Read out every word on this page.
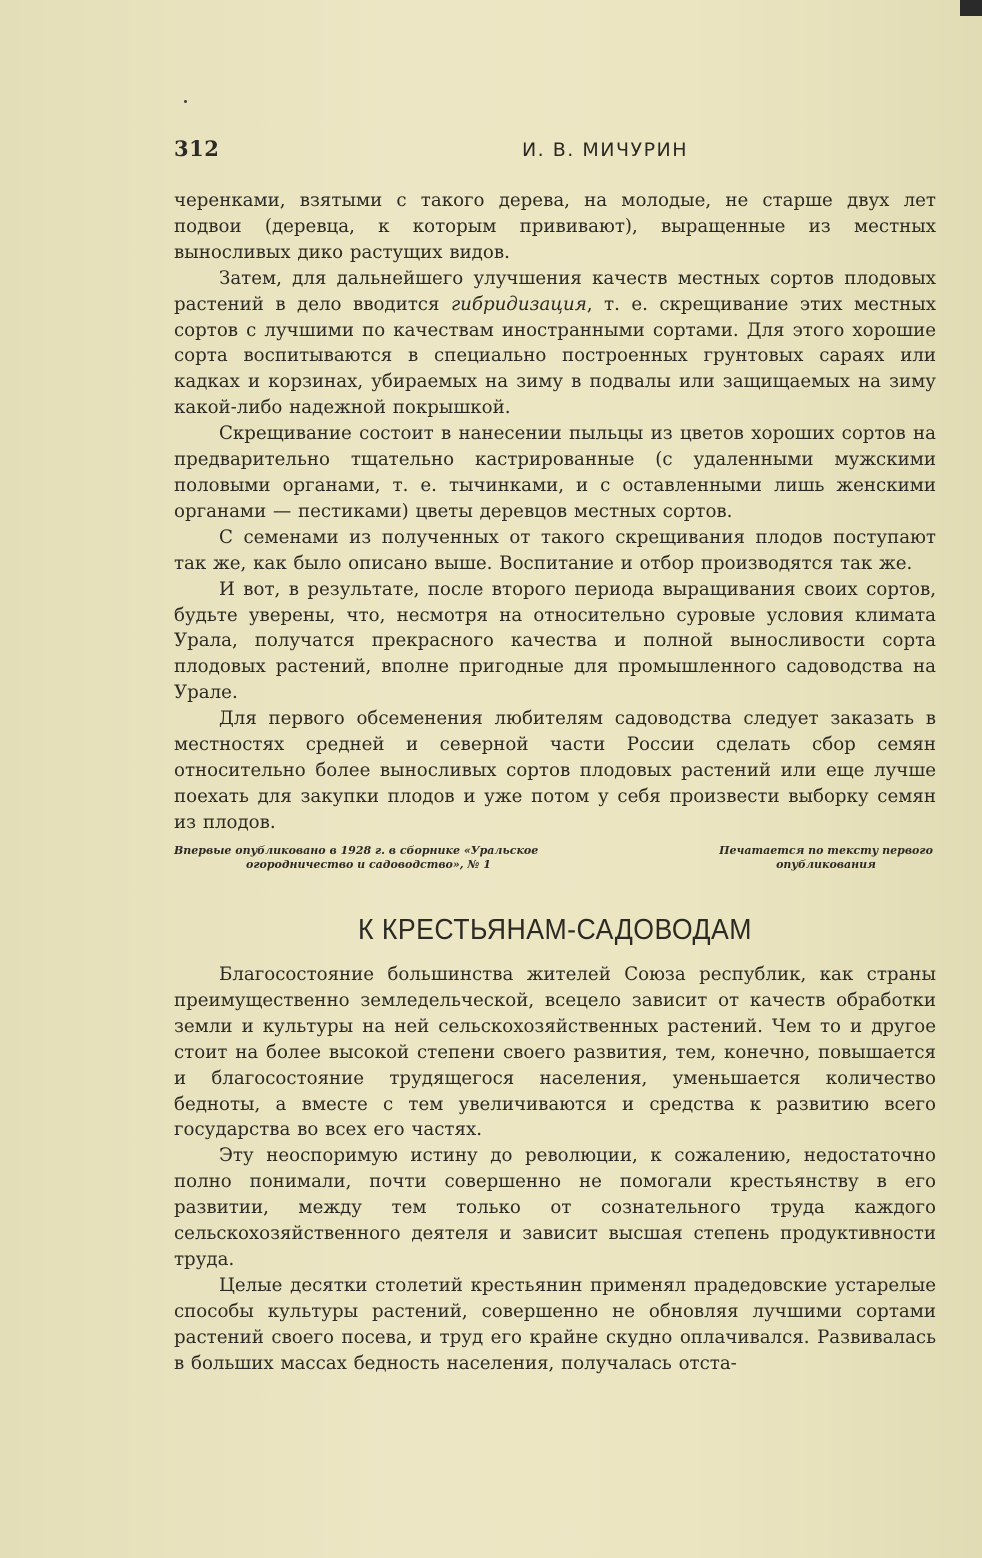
312	И. В. МИЧУРИН

черенками, взятыми с такого дерева, на молодые, не старше двух лет подвои (деревца, к которым прививают), выращенные из местных выносливых дико растущих видов.

Затем, для дальнейшего улучшения качеств местных сортов плодовых растений в дело вводится гибридизация, т. е. скрещивание этих местных сортов с лучшими по качествам иностранными сортами. Для этого хорошие сорта воспитываются в специально построенных грунтовых сараях или кадках и корзинах, убираемых на зиму в подвалы или защищаемых на зиму какой-либо надежной покрышкой.

Скрещивание состоит в нанесении пыльцы из цветов хороших сортов на предварительно тщательно кастрированные (с удаленными мужскими половыми органами, т. е. тычинками, и с оставленными лишь женскими органами — пестиками) цветы деревцов местных сортов.

С семенами из полученных от такого скрещивания плодов поступают так же, как было описано выше. Воспитание и отбор производятся так же.

И вот, в результате, после второго периода выращивания своих сортов, будьте уверены, что, несмотря на относительно суровые условия климата Урала, получатся прекрасного качества и полной выносливости сорта плодовых растений, вполне пригодные для промышленного садоводства на Урале.

Для первого обсеменения любителям садоводства следует заказать в местностях средней и северной части России сделать сбор семян относительно более выносливых сортов плодовых растений или еще лучше поехать для закупки плодов и уже потом у себя произвести выборку семян из плодов.

Впервые опубликовано в 1928 г. в сборнике «Уральское
огородничество и садоводство», № 1
Печатается по тексту первого
опубликования
К КРЕСТЬЯНАМ-САДОВОДАМ

Благосостояние большинства жителей Союза республик, как страны преимущественно земледельческой, всецело зависит от качеств обработки земли и культуры на ней сельскохозяйственных растений. Чем то и другое стоит на более высокой степени своего развития, тем, конечно, повышается и благосостояние трудящегося населения, уменьшается количество бедноты, а вместе с тем увеличиваются и средства к развитию всего государства во всех его частях.

Эту неоспоримую истину до революции, к сожалению, недостаточно полно понимали, почти совершенно не помогали крестьянству в его развитии, между тем только от сознательного труда каждого сельскохозяйственного деятеля и зависит высшая степень продуктивности труда.

Целые десятки столетий крестьянин применял прадедовские устарелые способы культуры растений, совершенно не обновляя лучшими сортами растений своего посева, и труд его крайне скудно оплачивался. Развивалась в больших массах бедность населения, получалась отста-
